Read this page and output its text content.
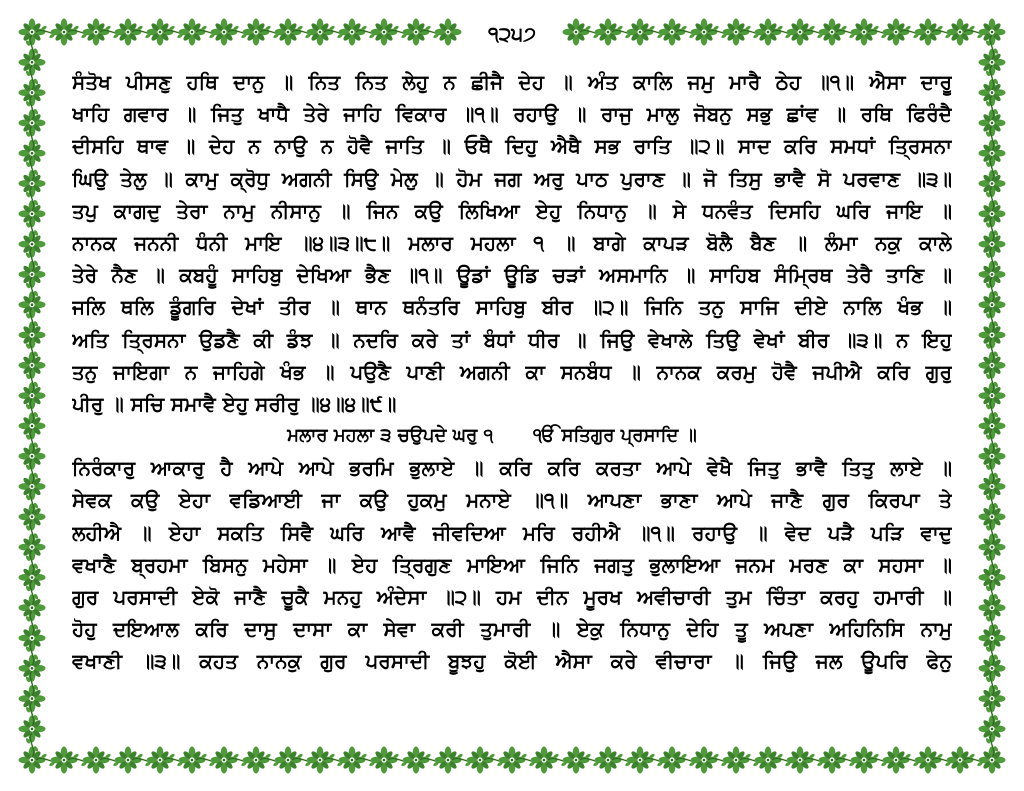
੧੨੫੭
ਸੰਤੋਖ ਪੀਸਣੁ ਹਥਿ ਦਾਨੁ ॥ ਨਿਤ ਨਿਤ ਲੇਹੁ ਨ ਛੀਜੈ ਦੇਹ ॥ ਅੰਤ ਕਾਲਿ ਜਮੁ ਮਾਰੈ ਠੇਹ ॥੧॥ ਐਸਾ ਦਾਰੂ
ਖਾਹਿ ਗਵਾਰ ॥ ਜਿਤੁ ਖਾਧੈ ਤੇਰੇ ਜਾਹਿ ਵਿਕਾਰ ॥੧॥ ਰਹਾਉ ॥ ਰਾਜੁ ਮਾਲੁ ਜੋਬਨੁ ਸਭੁ ਛਾਂਵ ॥ ਰਥਿ ਫਿਰੰਦੈ
ਦੀਸਹਿ ਥਾਵ ॥ ਦੇਹ ਨ ਨਾਉ ਨ ਹੋਵੈ ਜਾਤਿ ॥ ਓਥੈ ਦਿਹੁ ਐਥੈ ਸਭ ਰਾਤਿ ॥੨॥ ਸਾਦ ਕਰਿ ਸਮਧਾਂ ਤ੍ਰਿਸਨਾ
ਘਿਉ ਤੇਲੁ ॥ ਕਾਮੁ ਕ੍ਰੋਧੁ ਅਗਨੀ ਸਿਉ ਮੇਲੁ ॥ ਹੋਮ ਜਗ ਅਰੁ ਪਾਠ ਪੁਰਾਣ ॥ ਜੋ ਤਿਸੁ ਭਾਵੈ ਸੋ ਪਰਵਾਣ ॥੩॥
ਤਪੁ ਕਾਗਦੁ ਤੇਰਾ ਨਾਮੁ ਨੀਸਾਨੁ ॥ ਜਿਨ ਕਉ ਲਿਖਿਆ ਏਹੁ ਨਿਧਾਨੁ ॥ ਸੇ ਧਨਵੰਤ ਦਿਸਹਿ ਘਰਿ ਜਾਇ ॥
ਨਾਨਕ ਜਨਨੀ ਧੰਨੀ ਮਾਇ ॥੪॥੩॥੮॥ ਮਲਾਰ ਮਹਲਾ ੧ ॥ ਬਾਗੇ ਕਾਪੜ ਬੋਲੈ ਬੈਣ ॥ ਲੰਮਾ ਨਕੁ ਕਾਲੇ
ਤੇਰੇ ਨੈਣ ॥ ਕਬਹੂੰ ਸਾਹਿਬੁ ਦੇਖਿਆ ਭੈਣ ॥੧॥ ਊਡਾਂ ਊਡਿ ਚੜਾਂ ਅਸਮਾਨਿ ॥ ਸਾਹਿਬ ਸੰਮ੍ਰਿਥ ਤੇਰੈ ਤਾਣਿ ॥
ਜਲਿ ਥਲਿ ਡੂੰਗਰਿ ਦੇਖਾਂ ਤੀਰ ॥ ਥਾਨ ਥਨੰਤਰਿ ਸਾਹਿਬੁ ਬੀਰ ॥੨॥ ਜਿਨਿ ਤਨੁ ਸਾਜਿ ਦੀਏ ਨਾਲਿ ਖੰਭ ॥
ਅਤਿ ਤ੍ਰਿਸਨਾ ਉਡਣੈ ਕੀ ਡੰਝ ॥ ਨਦਰਿ ਕਰੇ ਤਾਂ ਬੰਧਾਂ ਧੀਰ ॥ ਜਿਉ ਵੇਖਾਲੇ ਤਿਉ ਵੇਖਾਂ ਬੀਰ ॥੩॥ ਨ ਇਹੁ
ਤਨੁ ਜਾਇਗਾ ਨ ਜਾਹਿਗੇ ਖੰਭ ॥ ਪਉਣੈ ਪਾਣੀ ਅਗਨੀ ਕਾ ਸਨਬੰਧ ॥ ਨਾਨਕ ਕਰਮੁ ਹੋਵੈ ਜਪੀਐ ਕਰਿ ਗੁਰੁ
ਪੀਰੁ ॥ ਸਚਿ ਸਮਾਵੈ ਏਹੁ ਸਰੀਰੁ ॥੪॥੪॥੯॥
ਮਲਾਰ ਮਹਲਾ ੩ ਚਉਪਦੇ ਘਰੁ ੧ ੴ ਸਤਿਗੁਰ ਪ੍ਰਸਾਦਿ ॥
ਨਿਰੰਕਾਰੁ ਆਕਾਰੁ ਹੈ ਆਪੇ ਆਪੇ ਭਰਮਿ ਭੁਲਾਏ ॥ ਕਰਿ ਕਰਿ ਕਰਤਾ ਆਪੇ ਵੇਖੈ ਜਿਤੁ ਭਾਵੈ ਤਿਤੁ ਲਾਏ ॥
ਸੇਵਕ ਕਉ ਏਹਾ ਵਡਿਆਈ ਜਾ ਕਉ ਹੁਕਮੁ ਮਨਾਏ ॥੧॥ ਆਪਣਾ ਭਾਣਾ ਆਪੇ ਜਾਣੈ ਗੁਰ ਕਿਰਪਾ ਤੇ
ਲਹੀਐ ॥ ਏਹਾ ਸਕਤਿ ਸਿਵੈ ਘਰਿ ਆਵੈ ਜੀਵਦਿਆ ਮਰਿ ਰਹੀਐ ॥੧॥ ਰਹਾਉ ॥ ਵੇਦ ਪੜੈ ਪੜਿ ਵਾਦੁ
ਵਖਾਣੈ ਬ੍ਰਹਮਾ ਬਿਸਨੁ ਮਹੇਸਾ ॥ ਏਹ ਤ੍ਰਿਗੁਣ ਮਾਇਆ ਜਿਨਿ ਜਗਤੁ ਭੁਲਾਇਆ ਜਨਮ ਮਰਣ ਕਾ ਸਹਸਾ ॥
ਗੁਰ ਪਰਸਾਦੀ ਏਕੋ ਜਾਣੈ ਚੂਕੈ ਮਨਹੁ ਅੰਦੇਸਾ ॥੨॥ ਹਮ ਦੀਨ ਮੂਰਖ ਅਵੀਚਾਰੀ ਤੁਮ ਚਿੰਤਾ ਕਰਹੁ ਹਮਾਰੀ ॥
ਹੋਹੁ ਦਇਆਲ ਕਰਿ ਦਾਸੁ ਦਾਸਾ ਕਾ ਸੇਵਾ ਕਰੀ ਤੁਮਾਰੀ ॥ ਏਕੁ ਨਿਧਾਨੁ ਦੇਹਿ ਤੂ ਅਪਣਾ ਅਹਿਨਿਸਿ ਨਾਮੁ
ਵਖਾਣੀ ॥੩॥ ਕਹਤ ਨਾਨਕੁ ਗੁਰ ਪਰਸਾਦੀ ਬੂਝਹੁ ਕੋਈ ਐਸਾ ਕਰੇ ਵੀਚਾਰਾ ॥ ਜਿਉ ਜਲ ਊਪਰਿ ਫੇਨੁ
